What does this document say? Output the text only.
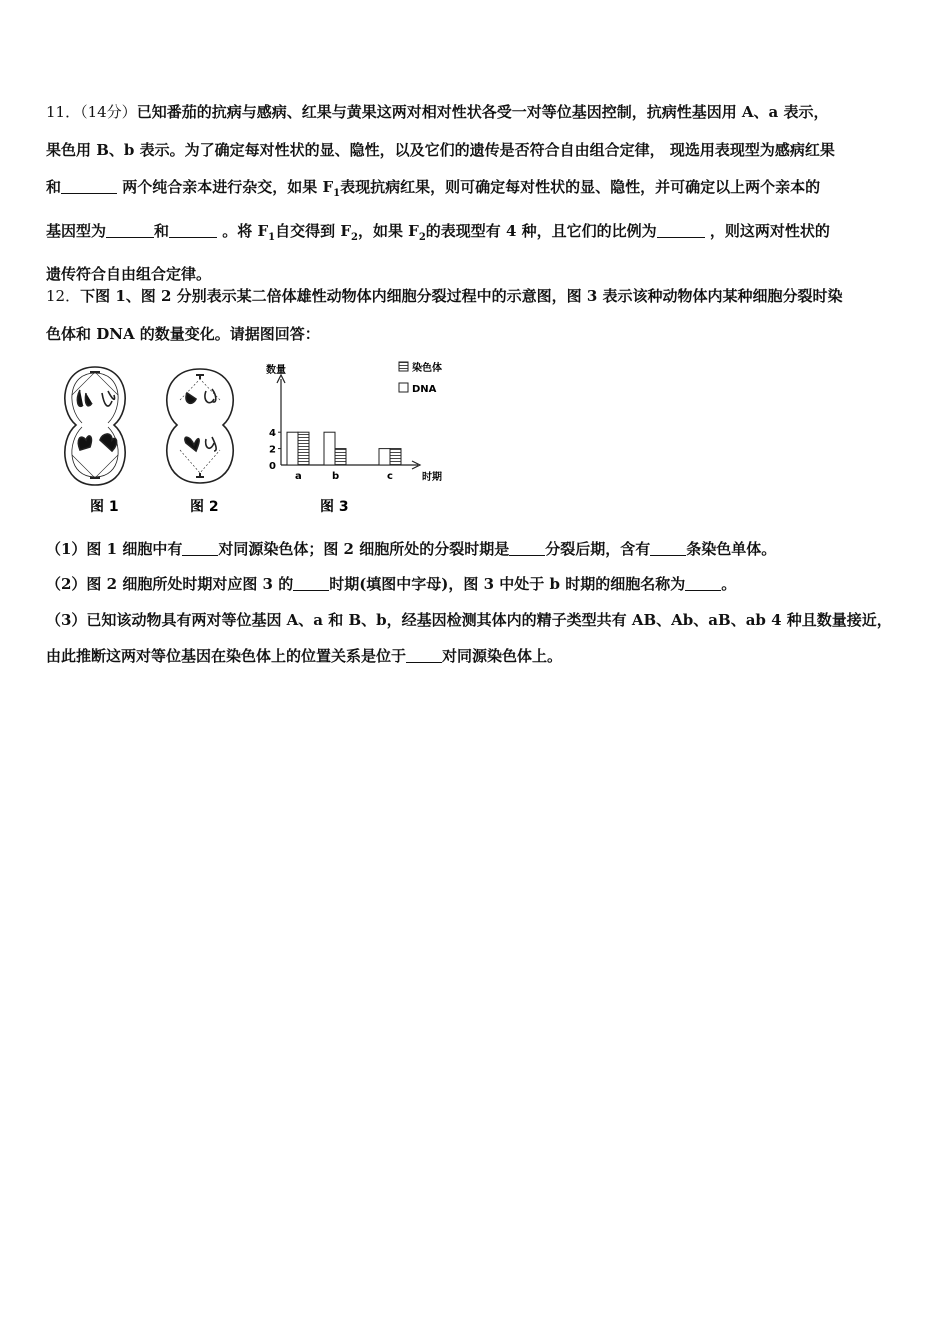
11．（14分）已知番茄的抗病与感病、红果与黄果这两对相对性状各受一对等位基因控制，抗病性基因用 A、a 表示，
果色用 B、b 表示。为了确定每对性状的显、隐性，以及它们的遗传是否符合自由组合定律， 现选用表现型为感病红果
和	两个纯合亲本进行杂交，如果 $F_1$表现抗病红果，则可确定每对性状的显、隐性，并可确定以上两个亲本的
基因型为	和	。将 $F_1$自交得到 $F_2$，如果 $F_2$的表现型有 4 种，且它们的比例为	，则这两对性状的
遗传符合自由组合定律。

12．下图 1、图 2 分别表示某二倍体雄性动物体内细胞分裂过程中的示意图，图 3 表示该种动物体内某种细胞分裂时染
色体和 DNA 的数量变化。请据图回答：

数量
时期
0
2
4
a	b	c
染色体
DNA
图 1	图 2	图 3

（1）图 1 细胞中有 对同源染色体；图 2 细胞所处的分裂时期是 分裂后期，含有 条染色单体。

（2）图 2 细胞所处时期对应图 3 的 时期(填图中字母)，图 3 中处于 b 时期的细胞名称为 。

（3）已知该动物具有两对等位基因 A、a 和 B、b，经基因检测其体内的精子类型共有 AB、Ab、aB、ab 4 种且数量接近，
由此推断这两对等位基因在染色体上的位置关系是位于 对同源染色体上。
